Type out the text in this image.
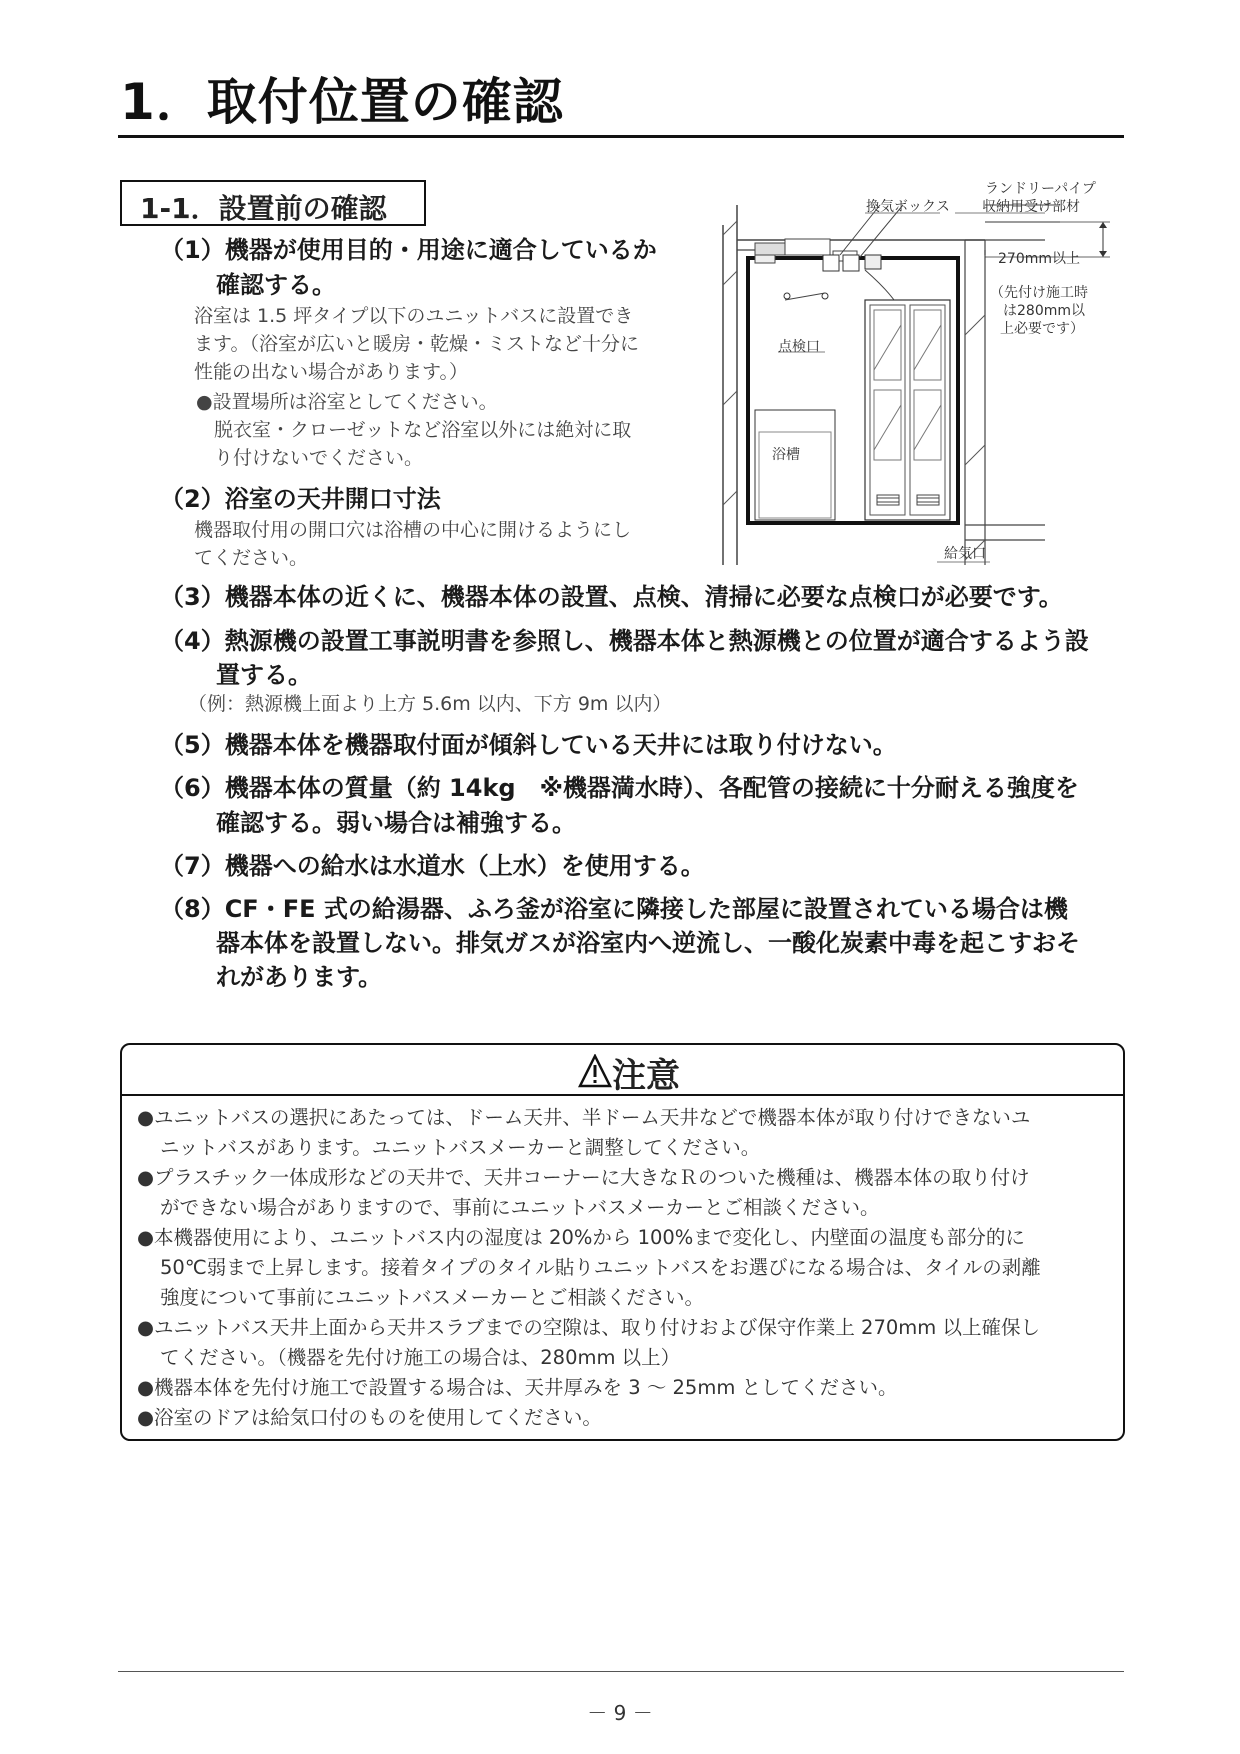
1．取付位置の確認
1-1．設置前の確認
（1）機器が使用目的・用途に適合しているか
確認する。
浴室は 1.5 坪タイプ以下のユニットバスに設置でき
ます。（浴室が広いと暖房・乾燥・ミストなど十分に
性能の出ない場合があります。）
●設置場所は浴室としてください。
脱衣室・クローゼットなど浴室以外には絶対に取
り付けないでください。
（2）浴室の天井開口寸法
機器取付用の開口穴は浴槽の中心に開けるようにし
てください。
ランドリーパイプ
収納用受け部材
換気ボックス
270mm以上
（先付け施工時
は280mm以
上必要です）
点検口
浴槽
給気口
（3）機器本体の近くに、機器本体の設置、点検、清掃に必要な点検口が必要です。
（4）熱源機の設置工事説明書を参照し、機器本体と熱源機との位置が適合するよう設
置する。
（例：熱源機上面より上方 5.6m 以内、下方 9m 以内）
（5）機器本体を機器取付面が傾斜している天井には取り付けない。
（6）機器本体の質量（約 14kg　※機器満水時）、各配管の接続に十分耐える強度を
確認する。弱い場合は補強する。
（7）機器への給水は水道水（上水）を使用する。
（8）CF・FE 式の給湯器、ふろ釜が浴室に隣接した部屋に設置されている場合は機
器本体を設置しない。排気ガスが浴室内へ逆流し、一酸化炭素中毒を起こすおそ
れがあります。
注意
●ユニットバスの選択にあたっては、ドーム天井、半ドーム天井などで機器本体が取り付けできないユ
ニットバスがあります。ユニットバスメーカーと調整してください。
●プラスチック一体成形などの天井で、天井コーナーに大きなＲのついた機種は、機器本体の取り付け
ができない場合がありますので、事前にユニットバスメーカーとご相談ください。
●本機器使用により、ユニットバス内の湿度は 20%から 100%まで変化し、内壁面の温度も部分的に
50℃弱まで上昇します。接着タイプのタイル貼りユニットバスをお選びになる場合は、タイルの剥離
強度について事前にユニットバスメーカーとご相談ください。
●ユニットバス天井上面から天井スラブまでの空隙は、取り付けおよび保守作業上 270mm 以上確保し
てください。（機器を先付け施工の場合は、280mm 以上）
●機器本体を先付け施工で設置する場合は、天井厚みを 3 ～ 25mm としてください。
●浴室のドアは給気口付のものを使用してください。
－ 9 －
